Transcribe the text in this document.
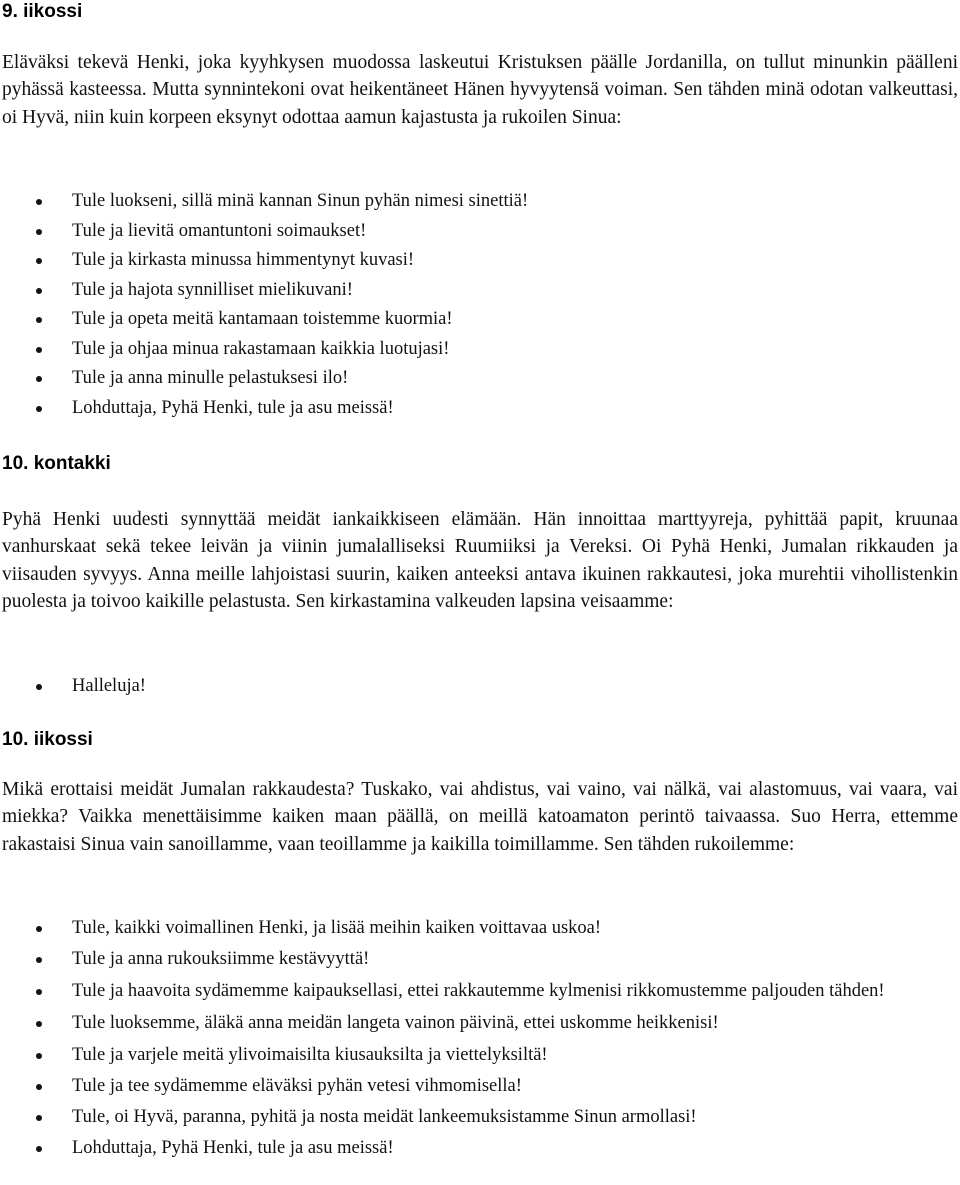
9. iikossi

Eläväksi tekevä Henki, joka kyyhkysen muodossa laskeutui Kristuksen päälle Jordanilla, on tullut minunkin päälleni pyhässä kasteessa. Mutta synnintekoni ovat heikentäneet Hänen hyvyytensä voiman. Sen tähden minä odotan valkeuttasi, oi Hyvä, niin kuin korpeen eksynyt odottaa aamun kajastusta ja rukoilen Sinua:

Tule luokseni, sillä minä kannan Sinun pyhän nimesi sinettiä!
Tule ja lievitä omantuntoni soimaukset!
Tule ja kirkasta minussa himmentynyt kuvasi!
Tule ja hajota synnilliset mielikuvani!
Tule ja opeta meitä kantamaan toistemme kuormia!
Tule ja ohjaa minua rakastamaan kaikkia luotujasi!
Tule ja anna minulle pelastuksesi ilo!
Lohduttaja, Pyhä Henki, tule ja asu meissä!
10. kontakki

Pyhä Henki uudesti synnyttää meidät iankaikkiseen elämään. Hän innoittaa marttyyreja, pyhittää papit, kruunaa vanhurskaat sekä tekee leivän ja viinin jumalalliseksi Ruumiiksi ja Vereksi. Oi Pyhä Henki, Jumalan rikkauden ja viisauden syvyys. Anna meille lahjoistasi suurin, kaiken anteeksi antava ikuinen rakkautesi, joka murehtii vihollistenkin puolesta ja toivoo kaikille pelastusta. Sen kirkastamina valkeuden lapsina veisaamme:

Halleluja!
10. iikossi

Mikä erottaisi meidät Jumalan rakkaudesta? Tuskako, vai ahdistus, vai vaino, vai nälkä, vai alastomuus, vai vaara, vai miekka? Vaikka menettäisimme kaiken maan päällä, on meillä katoamaton perintö taivaassa. Suo Herra, ettemme rakastaisi Sinua vain sanoillamme, vaan teoillamme ja kaikilla toimillamme. Sen tähden rukoilemme:

Tule, kaikki voimallinen Henki, ja lisää meihin kaiken voittavaa uskoa!
Tule ja anna rukouksiimme kestävyyttä!
Tule ja haavoita sydämemme kaipauksellasi, ettei rakkautemme kylmenisi rikkomustemme paljouden tähden!
Tule luoksemme, äläkä anna meidän langeta vainon päivinä, ettei uskomme heikkenisi!
Tule ja varjele meitä ylivoimaisilta kiusauksilta ja viettelyksiltä!
Tule ja tee sydämemme eläväksi pyhän vetesi vihmomisella!
Tule, oi Hyvä, paranna, pyhitä ja nosta meidät lankeemuksistamme Sinun armollasi!
Lohduttaja, Pyhä Henki, tule ja asu meissä!
